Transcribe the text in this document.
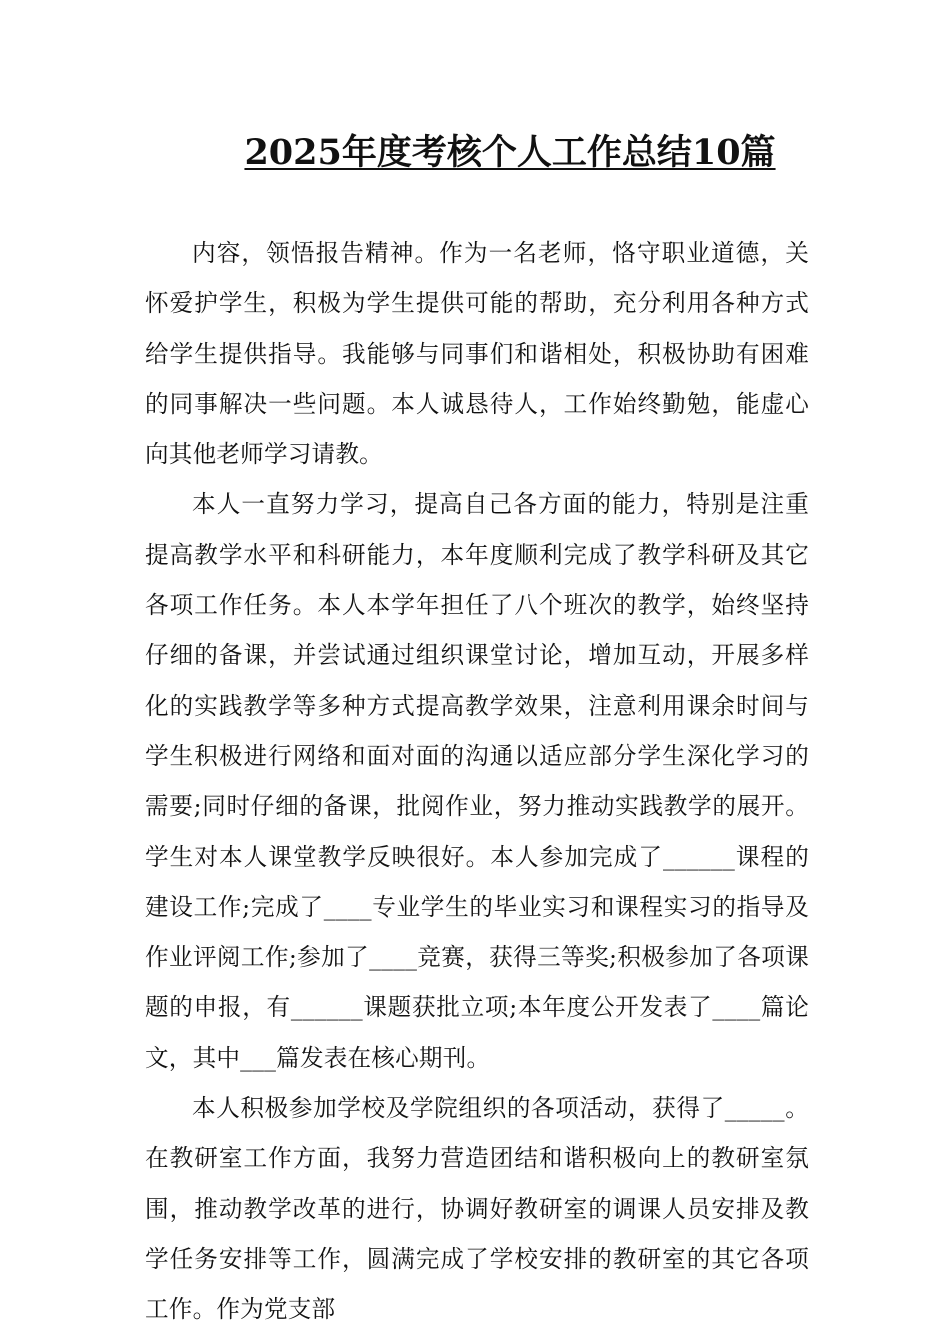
2025年度考核个人工作总结10篇

内容，领悟报告精神。作为一名老师，恪守职业道德，关怀爱护学生，积极为学生提供可能的帮助，充分利用各种方式给学生提供指导。我能够与同事们和谐相处，积极协助有困难的同事解决一些问题。本人诚恳待人，工作始终勤勉，能虚心向其他老师学习请教。

本人一直努力学习，提高自己各方面的能力，特别是注重提高教学水平和科研能力，本年度顺利完成了教学科研及其它各项工作任务。本人本学年担任了八个班次的教学，始终坚持仔细的备课，并尝试通过组织课堂讨论，增加互动，开展多样化的实践教学等多种方式提高教学效果，注意利用课余时间与学生积极进行网络和面对面的沟通以适应部分学生深化学习的需要;同时仔细的备课，批阅作业，努力推动实践教学的展开。学生对本人课堂教学反映很好。本人参加完成了______课程的建设工作;完成了____专业学生的毕业实习和课程实习的指导及作业评阅工作;参加了____竞赛，获得三等奖;积极参加了各项课题的申报，有______课题获批立项;本年度公开发表了____篇论文，其中___篇发表在核心期刊。

本人积极参加学校及学院组织的各项活动，获得了_____。在教研室工作方面，我努力营造团结和谐积极向上的教研室氛围，推动教学改革的进行，协调好教研室的调课人员安排及教学任务安排等工作，圆满完成了学校安排的教研室的其它各项工作。作为党支部
